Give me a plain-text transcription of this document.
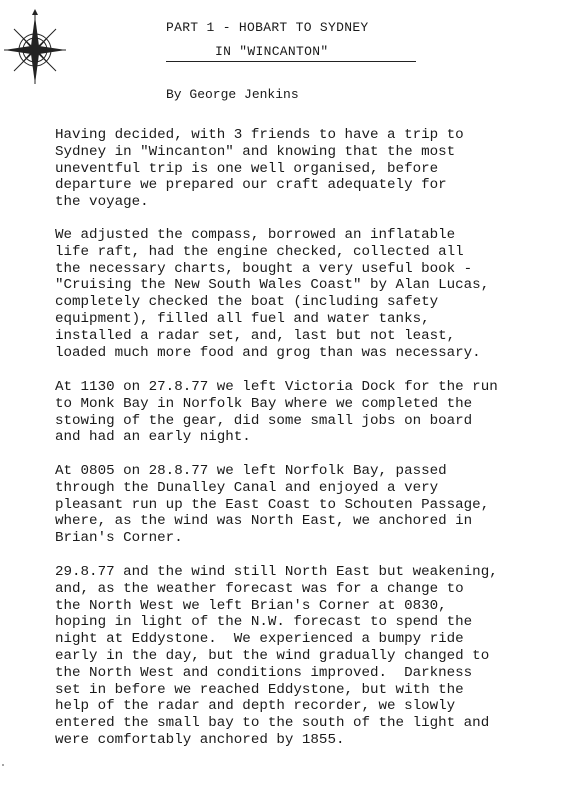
PART 1 - HOBART TO SYDNEY
IN "WINCANTON"
By George Jenkins

Having decided, with 3 friends to have a trip to
Sydney in "Wincanton" and knowing that the most
uneventful trip is one well organised, before
departure we prepared our craft adequately for
the voyage.

We adjusted the compass, borrowed an inflatable
life raft, had the engine checked, collected all
the necessary charts, bought a very useful book -
"Cruising the New South Wales Coast" by Alan Lucas,
completely checked the boat (including safety
equipment), filled all fuel and water tanks,
installed a radar set, and, last but not least,
loaded much more food and grog than was necessary.

At 1130 on 27.8.77 we left Victoria Dock for the run
to Monk Bay in Norfolk Bay where we completed the
stowing of the gear, did some small jobs on board
and had an early night.

At 0805 on 28.8.77 we left Norfolk Bay, passed
through the Dunalley Canal and enjoyed a very
pleasant run up the East Coast to Schouten Passage,
where, as the wind was North East, we anchored in
Brian's Corner.

29.8.77 and the wind still North East but weakening,
and, as the weather forecast was for a change to
the North West we left Brian's Corner at 0830,
hoping in light of the N.W. forecast to spend the
night at Eddystone.  We experienced a bumpy ride
early in the day, but the wind gradually changed to
the North West and conditions improved.  Darkness
set in before we reached Eddystone, but with the
help of the radar and depth recorder, we slowly
entered the small bay to the south of the light and
were comfortably anchored by 1855.
